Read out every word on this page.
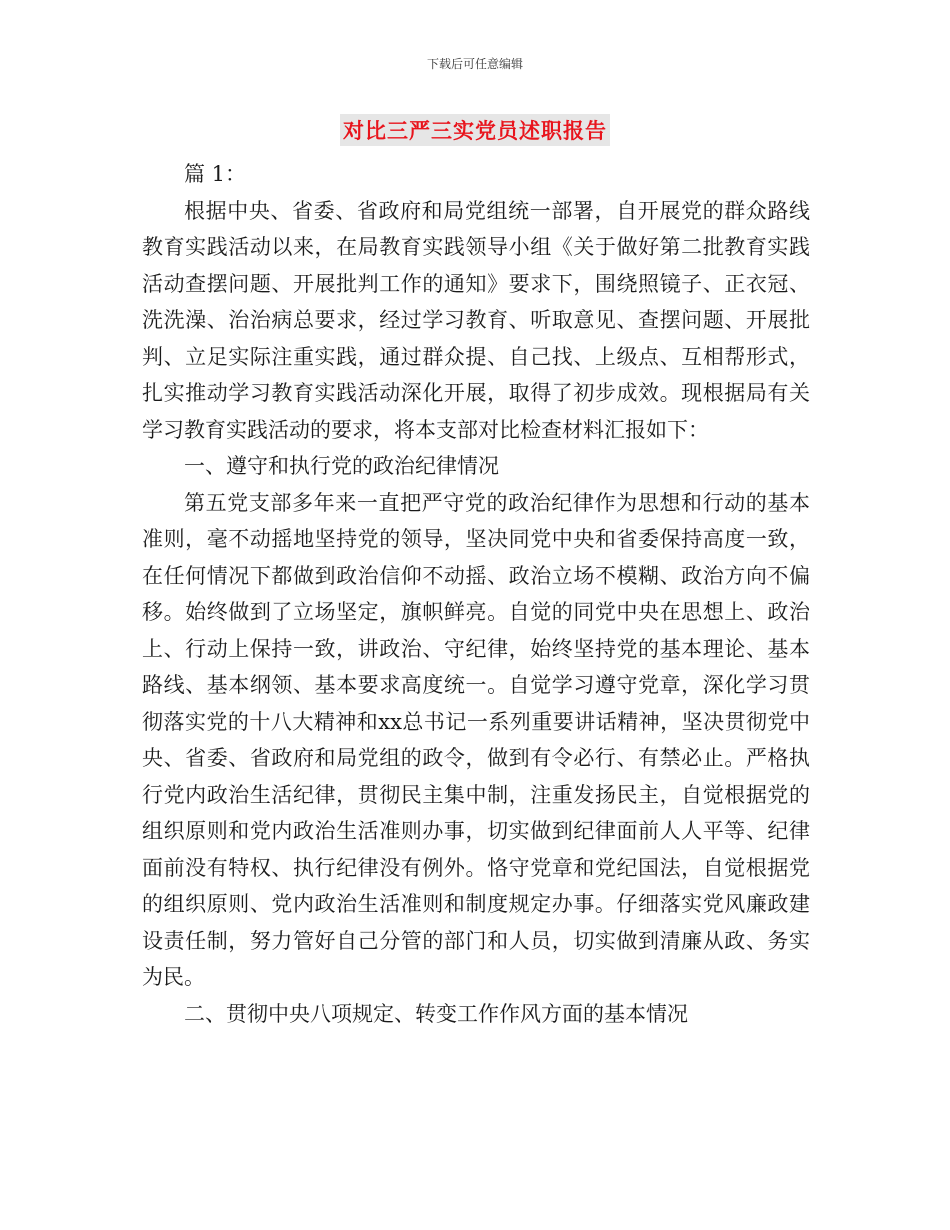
下载后可任意编辑
对比三严三实党员述职报告

篇 1：

根据中央、省委、省政府和局党组统一部署，自开展党的群众路线教育实践活动以来，在局教育实践领导小组《关于做好第二批教育实践活动查摆问题、开展批判工作的通知》要求下，围绕照镜子、正衣冠、洗洗澡、治治病总要求，经过学习教育、听取意见、查摆问题、开展批判、立足实际注重实践，通过群众提、自己找、上级点、互相帮形式，扎实推动学习教育实践活动深化开展，取得了初步成效。现根据局有关学习教育实践活动的要求，将本支部对比检查材料汇报如下：

一、遵守和执行党的政治纪律情况

第五党支部多年来一直把严守党的政治纪律作为思想和行动的基本准则，毫不动摇地坚持党的领导，坚决同党中央和省委保持高度一致，在任何情况下都做到政治信仰不动摇、政治立场不模糊、政治方向不偏移。始终做到了立场坚定，旗帜鲜亮。自觉的同党中央在思想上、政治上、行动上保持一致，讲政治、守纪律，始终坚持党的基本理论、基本路线、基本纲领、基本要求高度统一。自觉学习遵守党章，深化学习贯彻落实党的十八大精神和xx总书记一系列重要讲话精神，坚决贯彻党中央、省委、省政府和局党组的政令，做到有令必行、有禁必止。严格执行党内政治生活纪律，贯彻民主集中制，注重发扬民主，自觉根据党的组织原则和党内政治生活准则办事，切实做到纪律面前人人平等、纪律面前没有特权、执行纪律没有例外。恪守党章和党纪国法，自觉根据党的组织原则、党内政治生活准则和制度规定办事。仔细落实党风廉政建设责任制，努力管好自己分管的部门和人员，切实做到清廉从政、务实为民。

二、贯彻中央八项规定、转变工作作风方面的基本情况
